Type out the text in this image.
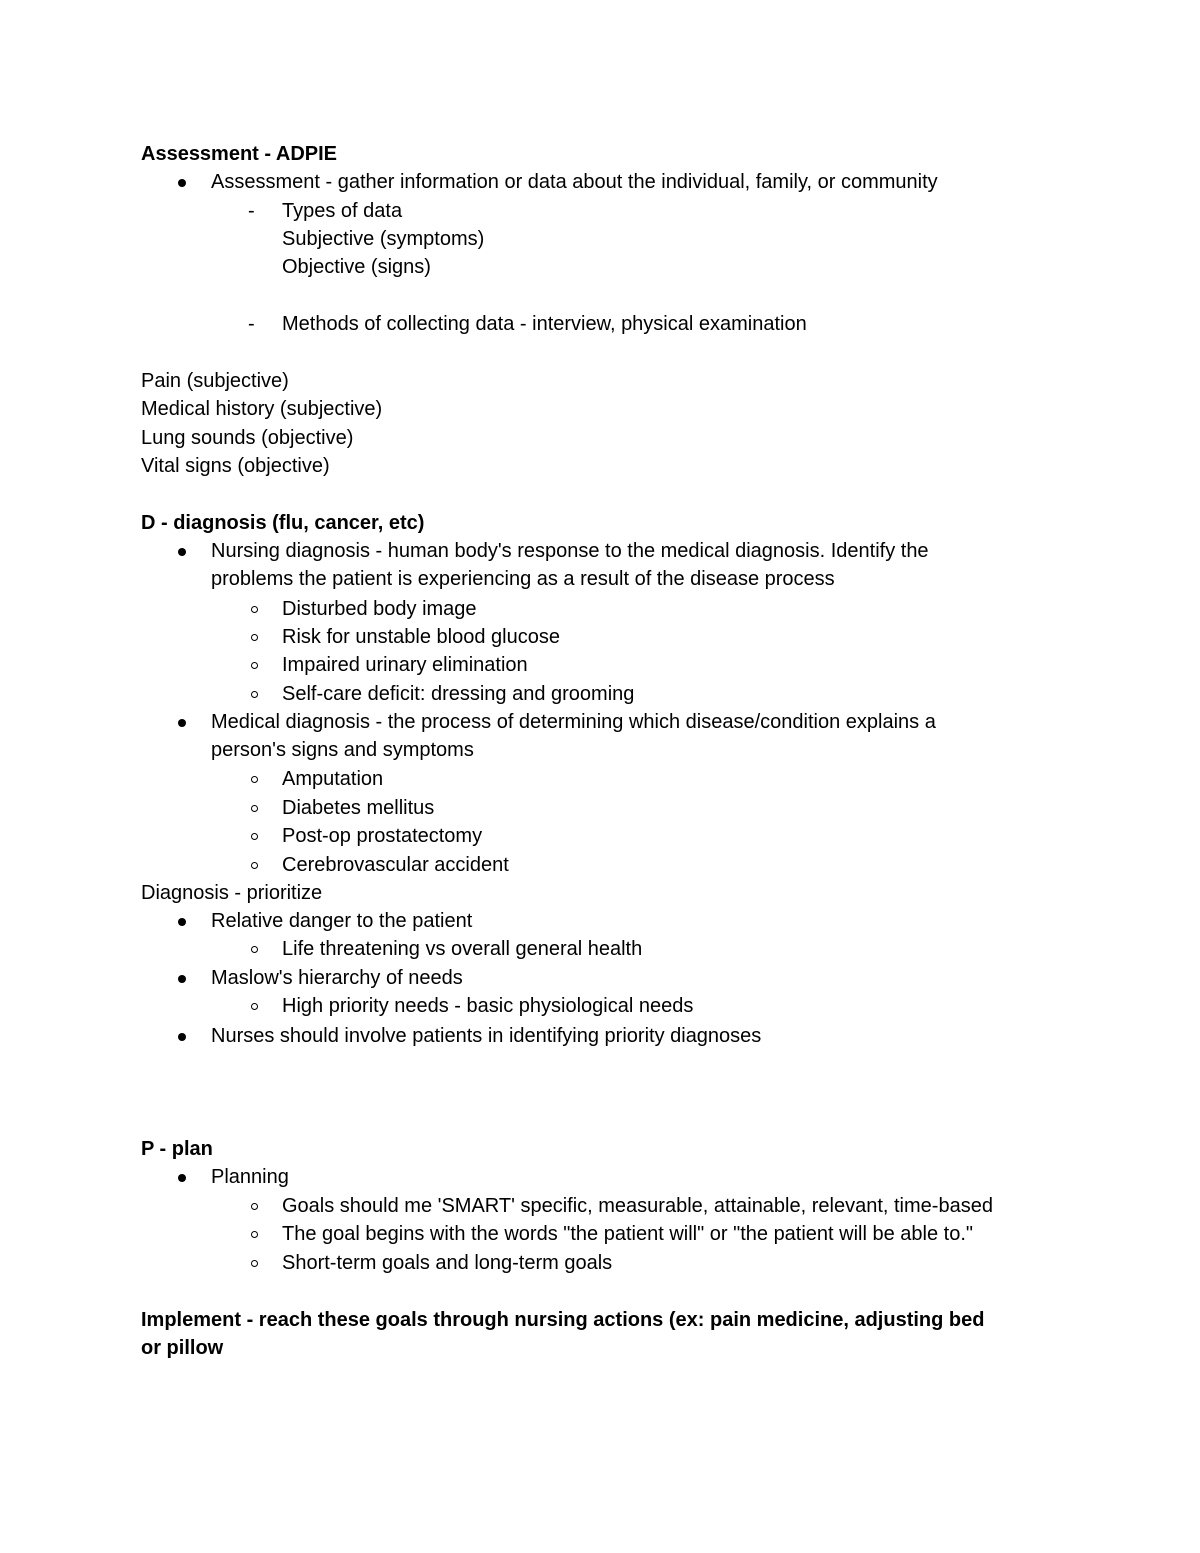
Assessment - ADPIE
Assessment - gather information or data about the individual, family, or community
- Types of data
Subjective (symptoms)
Objective (signs)
- Methods of collecting data - interview, physical examination
Pain (subjective)
Medical history (subjective)
Lung sounds (objective)
Vital signs (objective)
D - diagnosis (flu, cancer, etc)
Nursing diagnosis - human body's response to the medical diagnosis. Identify the
problems the patient is experiencing as a result of the disease process
Disturbed body image
Risk for unstable blood glucose
Impaired urinary elimination
Self-care deficit: dressing and grooming
Medical diagnosis - the process of determining which disease/condition explains a
person's signs and symptoms
Amputation
Diabetes mellitus
Post-op prostatectomy
Cerebrovascular accident
Diagnosis - prioritize
Relative danger to the patient
Life threatening vs overall general health
Maslow's hierarchy of needs
High priority needs - basic physiological needs
Nurses should involve patients in identifying priority diagnoses
P - plan
Planning
Goals should me 'SMART' specific, measurable, attainable, relevant, time-based
The goal begins with the words "the patient will" or "the patient will be able to."
Short-term goals and long-term goals
Implement - reach these goals through nursing actions (ex: pain medicine, adjusting bed
or pillow
